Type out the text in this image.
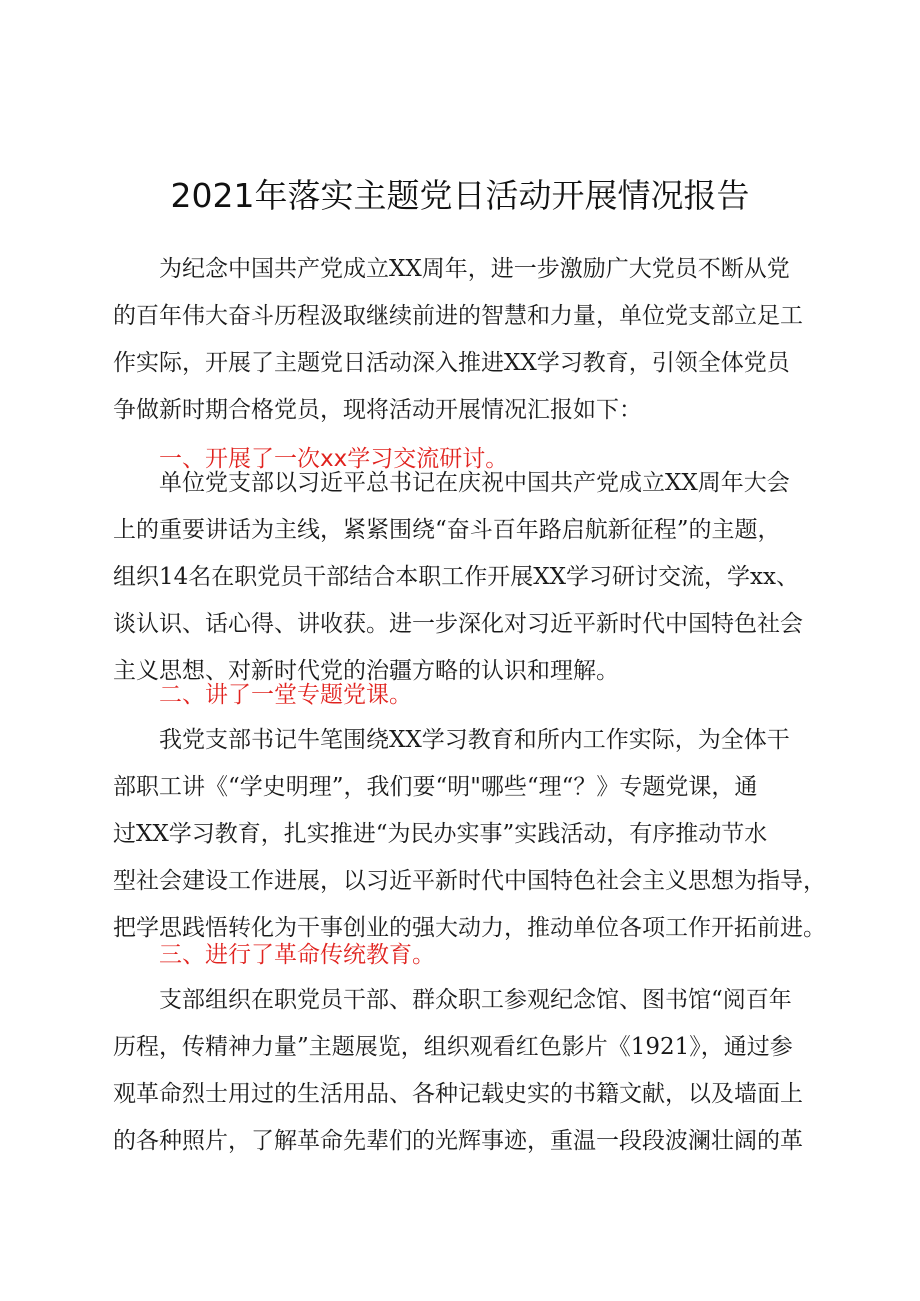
2021年落实主题党日活动开展情况报告
为纪念中国共产党成立XX周年，进一步激励广大党员不断从党
的百年伟大奋斗历程汲取继续前进的智慧和力量，单位党支部立足工
作实际，开展了主题党日活动深入推进XX学习教育，引领全体党员
争做新时期合格党员，现将活动开展情况汇报如下：
一、开展了一次xx学习交流研讨。
单位党支部以习近平总书记在庆祝中国共产党成立XX周年大会
上的重要讲话为主线，紧紧围绕“奋斗百年路启航新征程”的主题，
组织14名在职党员干部结合本职工作开展XX学习研讨交流，学xx、
谈认识、话心得、讲收获。进一步深化对习近平新时代中国特色社会
主义思想、对新时代党的治疆方略的认识和理解。
二、讲了一堂专题党课。
我党支部书记牛笔围绕XX学习教育和所内工作实际，为全体干
部职工讲《“学史明理”，我们要“明"哪些“理“？》专题党课，通
过XX学习教育，扎实推进“为民办实事”实践活动，有序推动节水
型社会建设工作进展，以习近平新时代中国特色社会主义思想为指导，
把学思践悟转化为干事创业的强大动力，推动单位各项工作开拓前进。
三、进行了革命传统教育。
支部组织在职党员干部、群众职工参观纪念馆、图书馆“阅百年
历程，传精神力量”主题展览，组织观看红色影片《1921》，通过参
观革命烈士用过的生活用品、各种记载史实的书籍文献，以及墙面上
的各种照片，了解革命先辈们的光辉事迹，重温一段段波澜壮阔的革
